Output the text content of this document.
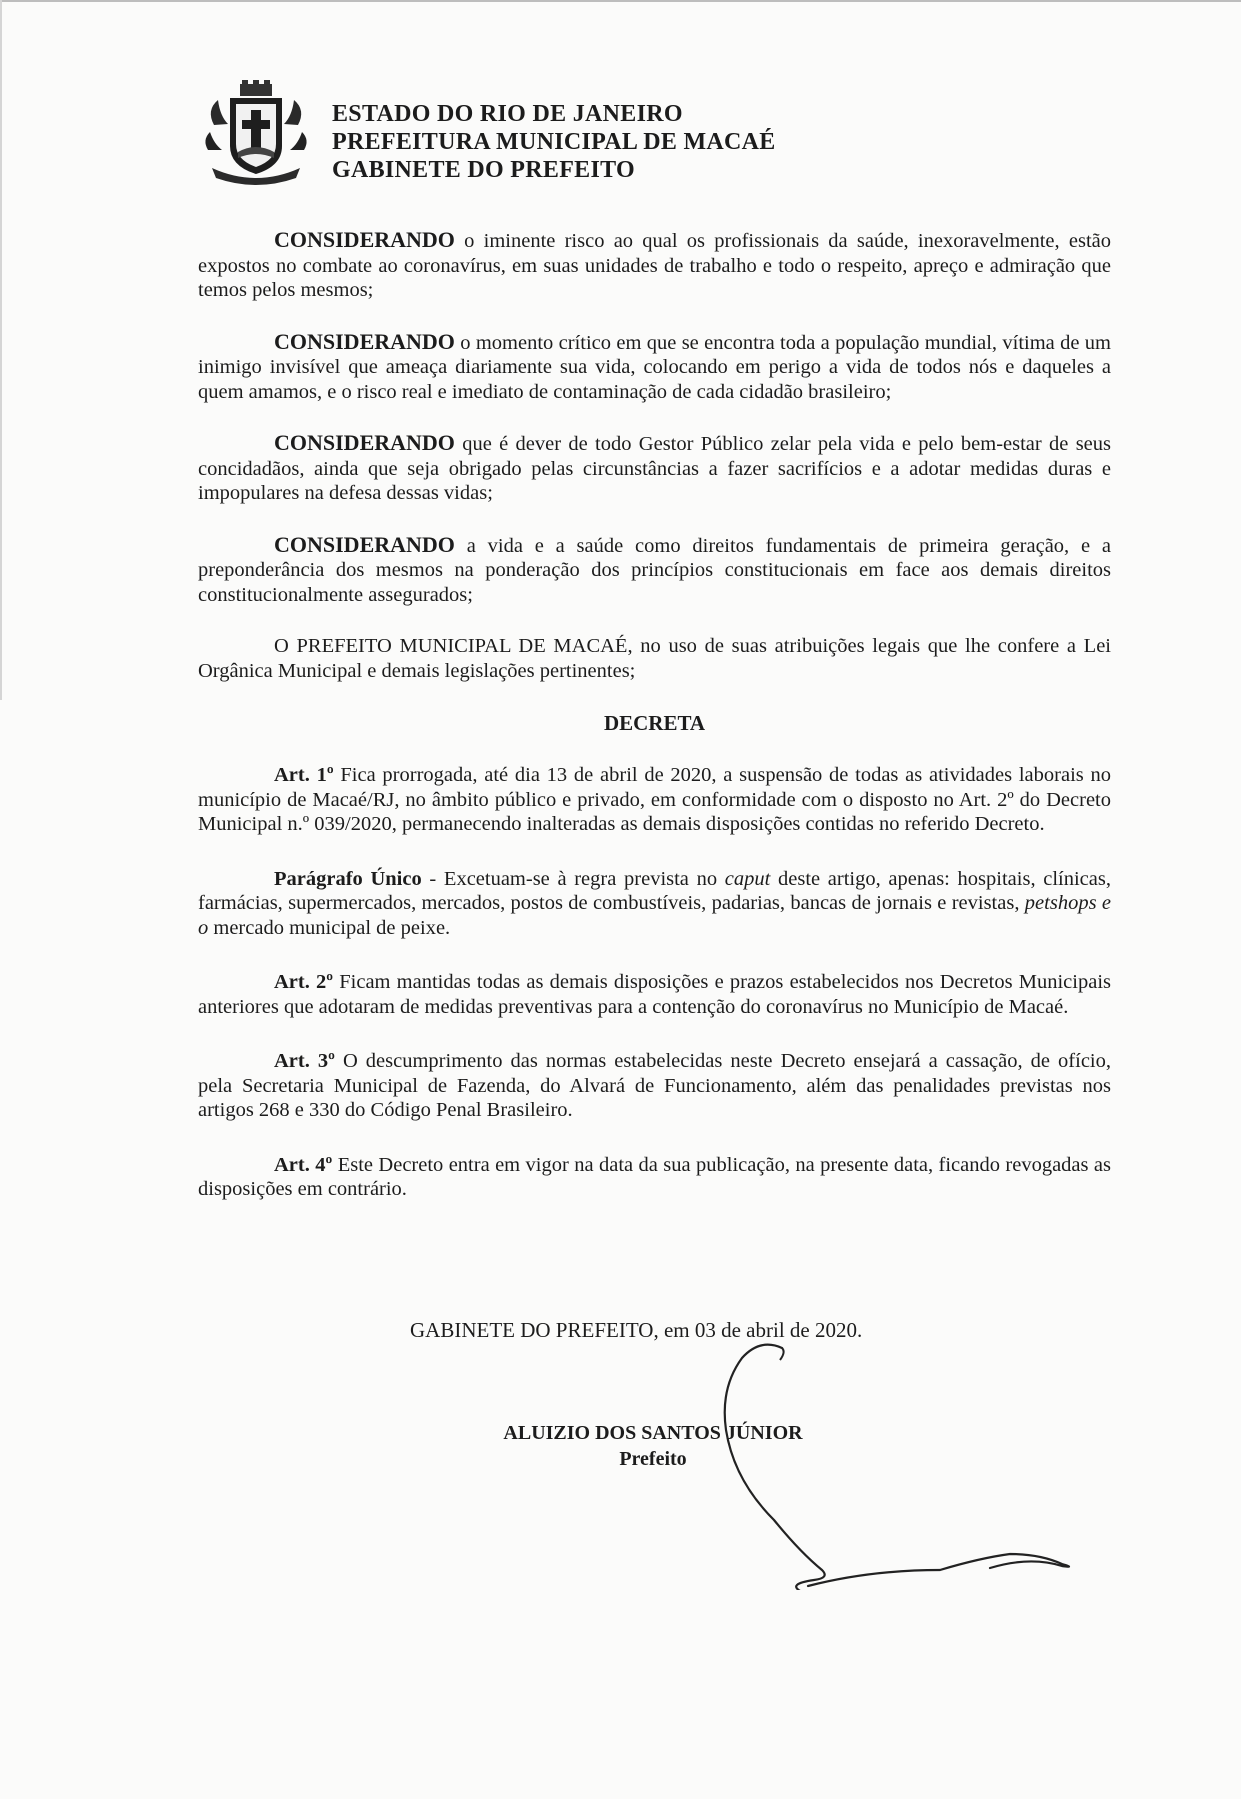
ESTADO DO RIO DE JANEIRO
PREFEITURA MUNICIPAL DE MACAÉ
GABINETE DO PREFEITO

CONSIDERANDO o iminente risco ao qual os profissionais da saúde, inexoravelmente, estão expostos no combate ao coronavírus, em suas unidades de trabalho e todo o respeito, apreço e admiração que temos pelos mesmos;

CONSIDERANDO o momento crítico em que se encontra toda a população mundial, vítima de um inimigo invisível que ameaça diariamente sua vida, colocando em perigo a vida de todos nós e daqueles a quem amamos, e o risco real e imediato de contaminação de cada cidadão brasileiro;

CONSIDERANDO que é dever de todo Gestor Público zelar pela vida e pelo bem-estar de seus concidadãos, ainda que seja obrigado pelas circunstâncias a fazer sacrifícios e a adotar medidas duras e impopulares na defesa dessas vidas;

CONSIDERANDO a vida e a saúde como direitos fundamentais de primeira geração, e a preponderância dos mesmos na ponderação dos princípios constitucionais em face aos demais direitos constitucionalmente assegurados;

O PREFEITO MUNICIPAL DE MACAÉ, no uso de suas atribuições legais que lhe confere a Lei Orgânica Municipal e demais legislações pertinentes;

DECRETA

Art. 1º Fica prorrogada, até dia 13 de abril de 2020, a suspensão de todas as atividades laborais no município de Macaé/RJ, no âmbito público e privado, em conformidade com o disposto no Art. 2º do Decreto Municipal n.º 039/2020, permanecendo inalteradas as demais disposições contidas no referido Decreto.

Parágrafo Único - Excetuam-se à regra prevista no caput deste artigo, apenas: hospitais, clínicas, farmácias, supermercados, mercados, postos de combustíveis, padarias, bancas de jornais e revistas, petshops e o mercado municipal de peixe.

Art. 2º Ficam mantidas todas as demais disposições e prazos estabelecidos nos Decretos Municipais anteriores que adotaram de medidas preventivas para a contenção do coronavírus no Município de Macaé.

Art. 3º O descumprimento das normas estabelecidas neste Decreto ensejará a cassação, de ofício, pela Secretaria Municipal de Fazenda, do Alvará de Funcionamento, além das penalidades previstas nos artigos 268 e 330 do Código Penal Brasileiro.

Art. 4º Este Decreto entra em vigor na data da sua publicação, na presente data, ficando revogadas as disposições em contrário.

GABINETE DO PREFEITO, em 03 de abril de 2020.
ALUIZIO DOS SANTOS JÚNIOR
Prefeito
